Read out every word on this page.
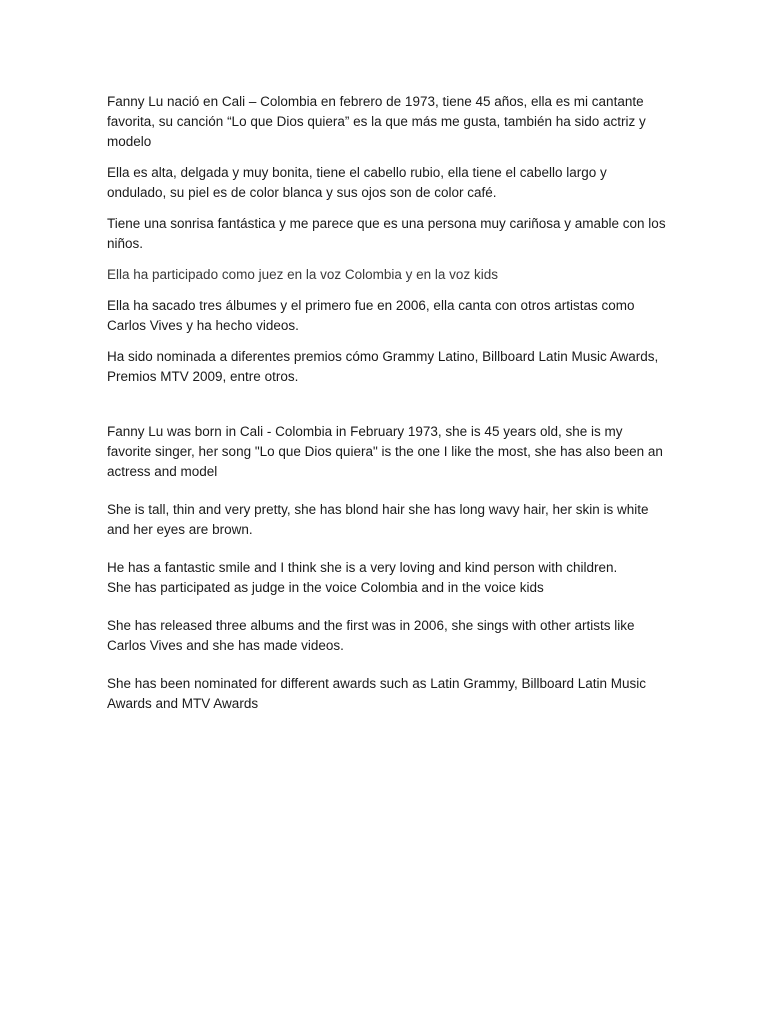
Fanny Lu nació en Cali – Colombia en febrero de 1973, tiene 45 años, ella es mi cantante favorita, su canción “Lo que Dios quiera” es la que más me gusta, también ha sido actriz y modelo

Ella es alta, delgada y muy bonita, tiene el cabello rubio, ella tiene el cabello largo y ondulado, su piel es de color blanca y sus ojos son de color café.

Tiene una sonrisa fantástica y me parece que es una persona muy cariñosa y amable con los niños.

Ella ha participado como juez en la voz Colombia y en la voz kids

Ella ha sacado tres álbumes y el primero fue en 2006, ella canta con otros artistas como Carlos Vives y ha hecho videos.

Ha sido nominada a diferentes premios cómo Grammy Latino, Billboard Latin Music Awards, Premios MTV 2009, entre otros.

Fanny Lu was born in Cali - Colombia in February 1973, she is 45 years old, she is my favorite singer, her song "Lo que Dios quiera" is the one I like the most, she has also been an actress and model

She is tall, thin and very pretty, she has blond hair she has long wavy hair, her skin is white and her eyes are brown.

He has a fantastic smile and I think she is a very loving and kind person with children.

She has participated as judge in the voice Colombia and in the voice kids

She has released three albums and the first was in 2006, she sings with other artists like Carlos Vives and she has made videos.

She has been nominated for different awards such as Latin Grammy, Billboard Latin Music Awards and MTV Awards
